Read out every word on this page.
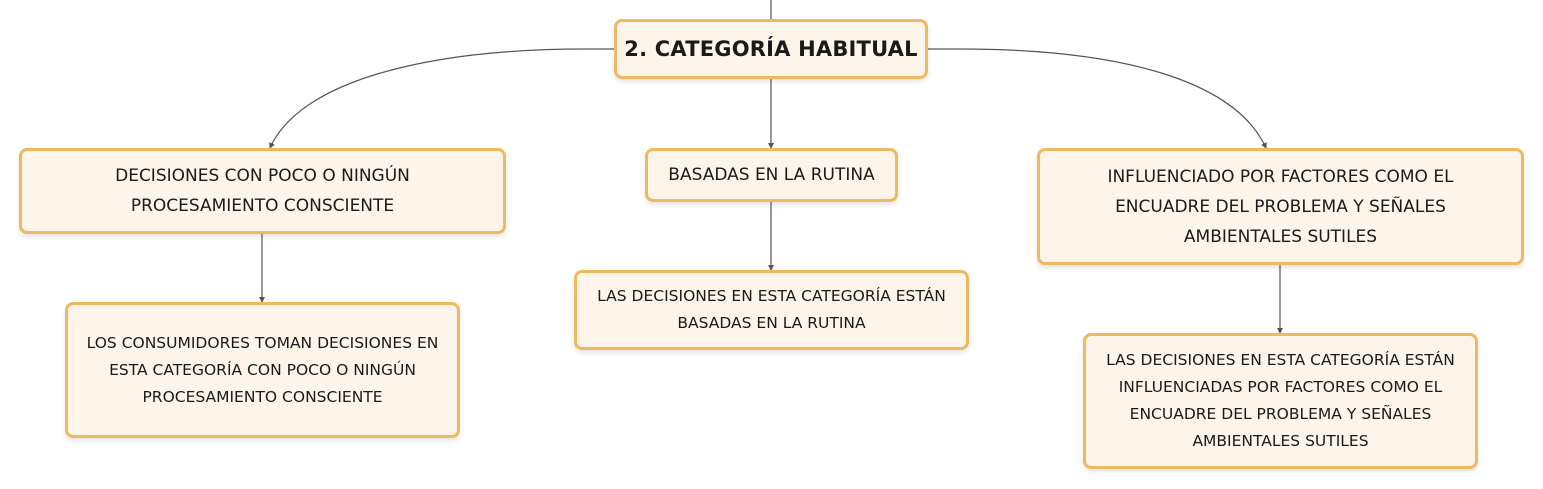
2. CATEGORÍA HABITUAL
DECISIONES CON POCO O NINGÚN PROCESAMIENTO CONSCIENTE
BASADAS EN LA RUTINA	INFLUENCIADO POR FACTORES COMO EL ENCUADRE DEL PROBLEMA Y SEÑALES AMBIENTALES SUTILES
LOS CONSUMIDORES TOMAN DECISIONES EN ESTA CATEGORÍA CON POCO O NINGÚN PROCESAMIENTO CONSCIENTE
LAS DECISIONES EN ESTA CATEGORÍA ESTÁN BASADAS EN LA RUTINA
LAS DECISIONES EN ESTA CATEGORÍA ESTÁN INFLUENCIADAS POR FACTORES COMO EL ENCUADRE DEL PROBLEMA Y SEÑALES AMBIENTALES SUTILES
